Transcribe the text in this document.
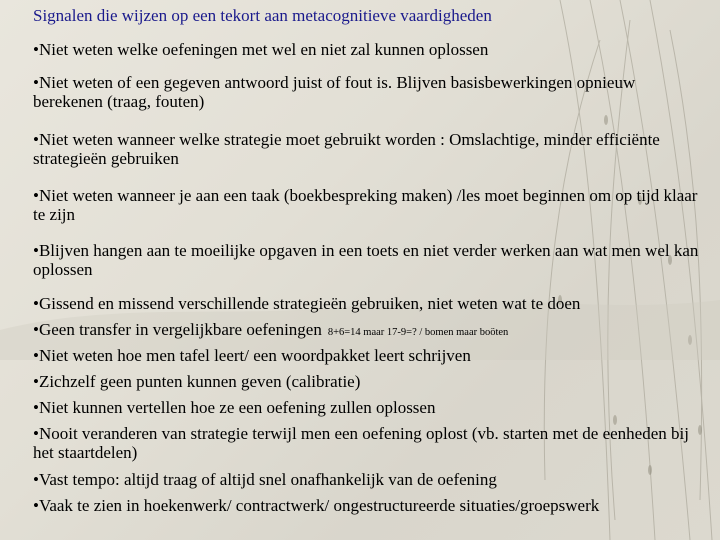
Signalen die wijzen op een tekort aan metacognitieve vaardigheden
•Niet weten welke oefeningen met wel en niet zal kunnen oplossen
•Niet weten of een gegeven antwoord juist of fout is. Blijven basisbewerkingen opnieuw berekenen (traag, fouten)
•Niet weten wanneer welke strategie moet gebruikt worden : Omslachtige, minder efficiënte strategieën gebruiken
•Niet weten wanneer je aan een taak (boekbespreking maken) /les moet beginnen om op tijd klaar te zijn
•Blijven hangen aan te moeilijke opgaven in een toets en niet verder werken aan wat men wel kan oplossen
•Gissend en missend verschillende strategieën gebruiken, niet weten wat te doen
•Geen transfer in vergelijkbare oefeningen 8+6=14 maar 17-9=? / bomen maar boöten
•Niet weten hoe men tafel leert/ een woordpakket leert schrijven
•Zichzelf geen punten kunnen geven (calibratie)
•Niet kunnen vertellen hoe ze een oefening zullen oplossen
•Nooit veranderen van strategie terwijl men een oefening oplost (vb. starten met de eenheden bij het staartdelen)
•Vast tempo: altijd traag of altijd snel onafhankelijk van de oefening
•Vaak te zien in hoekenwerk/ contractwerk/ ongestructureerde situaties/groepswerk
